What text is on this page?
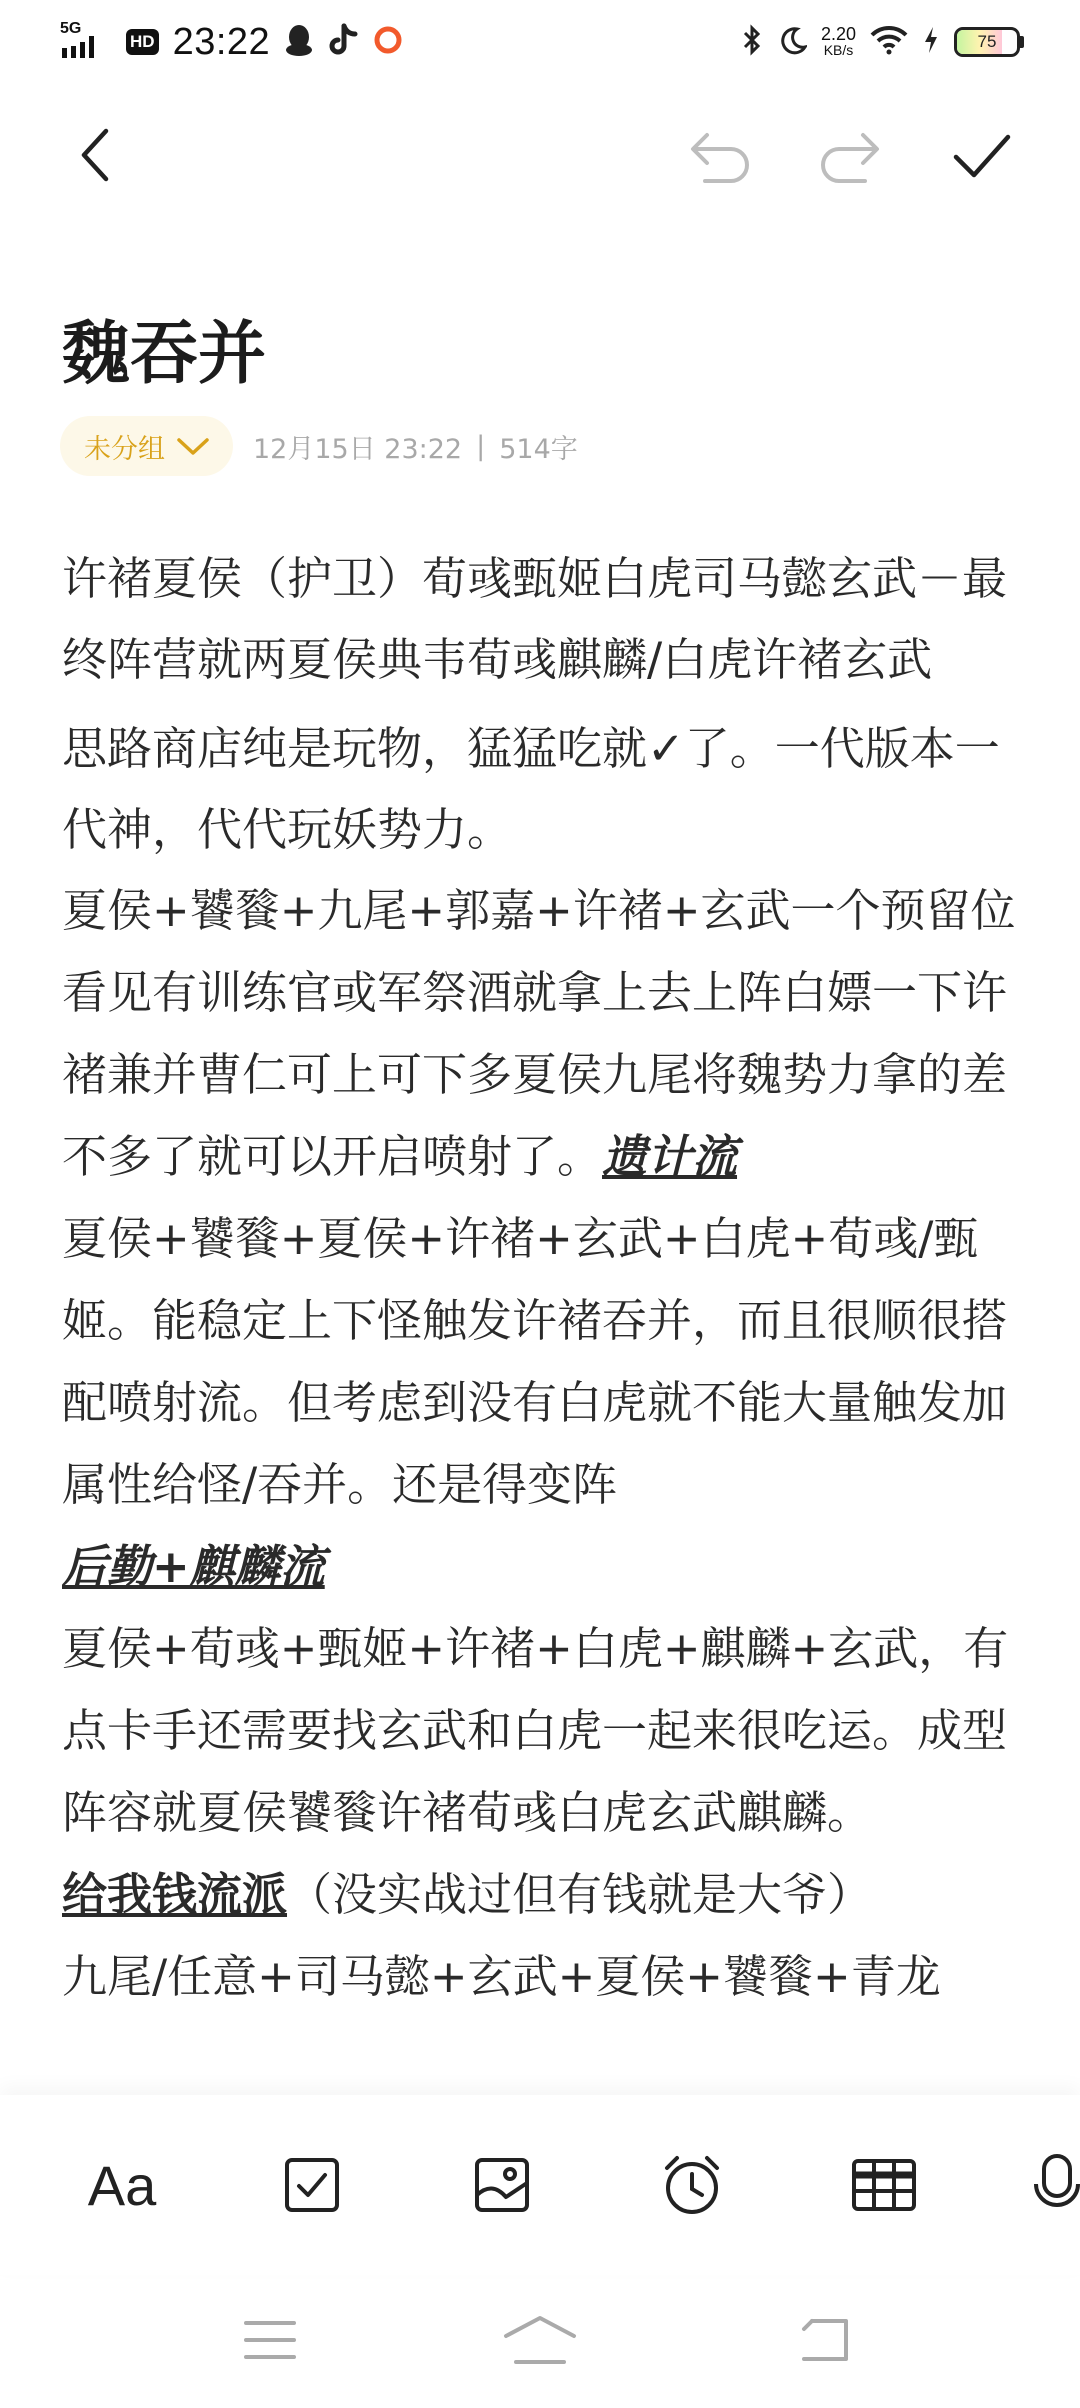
5G
HD 23:22	2.20
KB/s	75
魏吞并
未分组	12月15日 23:22 | 514字

许褚夏侯（护卫）荀彧甄姬白虎司马懿玄武－最终阵营就两夏侯典韦荀彧麒麟/白虎许褚玄武

思路商店纯是玩物，猛猛吃就✓了。一代版本一代神，代代玩妖势力。

夏侯+饕餮+九尾+郭嘉+许褚+玄武一个预留位看见有训练官或军祭酒就拿上去上阵白嫖一下许褚兼并曹仁可上可下多夏侯九尾将魏势力拿的差不多了就可以开启喷射了。遗计流

夏侯+饕餮+夏侯+许褚+玄武+白虎+荀彧/甄姬。能稳定上下怪触发许褚吞并，而且很顺很搭配喷射流。但考虑到没有白虎就不能大量触发加属性给怪/吞并。还是得变阵

后勤+麒麟流

夏侯+荀彧+甄姬+许褚+白虎+麒麟+玄武，有点卡手还需要找玄武和白虎一起来很吃运。成型阵容就夏侯饕餮许褚荀彧白虎玄武麒麟。

给我钱流派（没实战过但有钱就是大爷）

九尾/任意+司马懿+玄武+夏侯+饕餮+青龙

Aa
